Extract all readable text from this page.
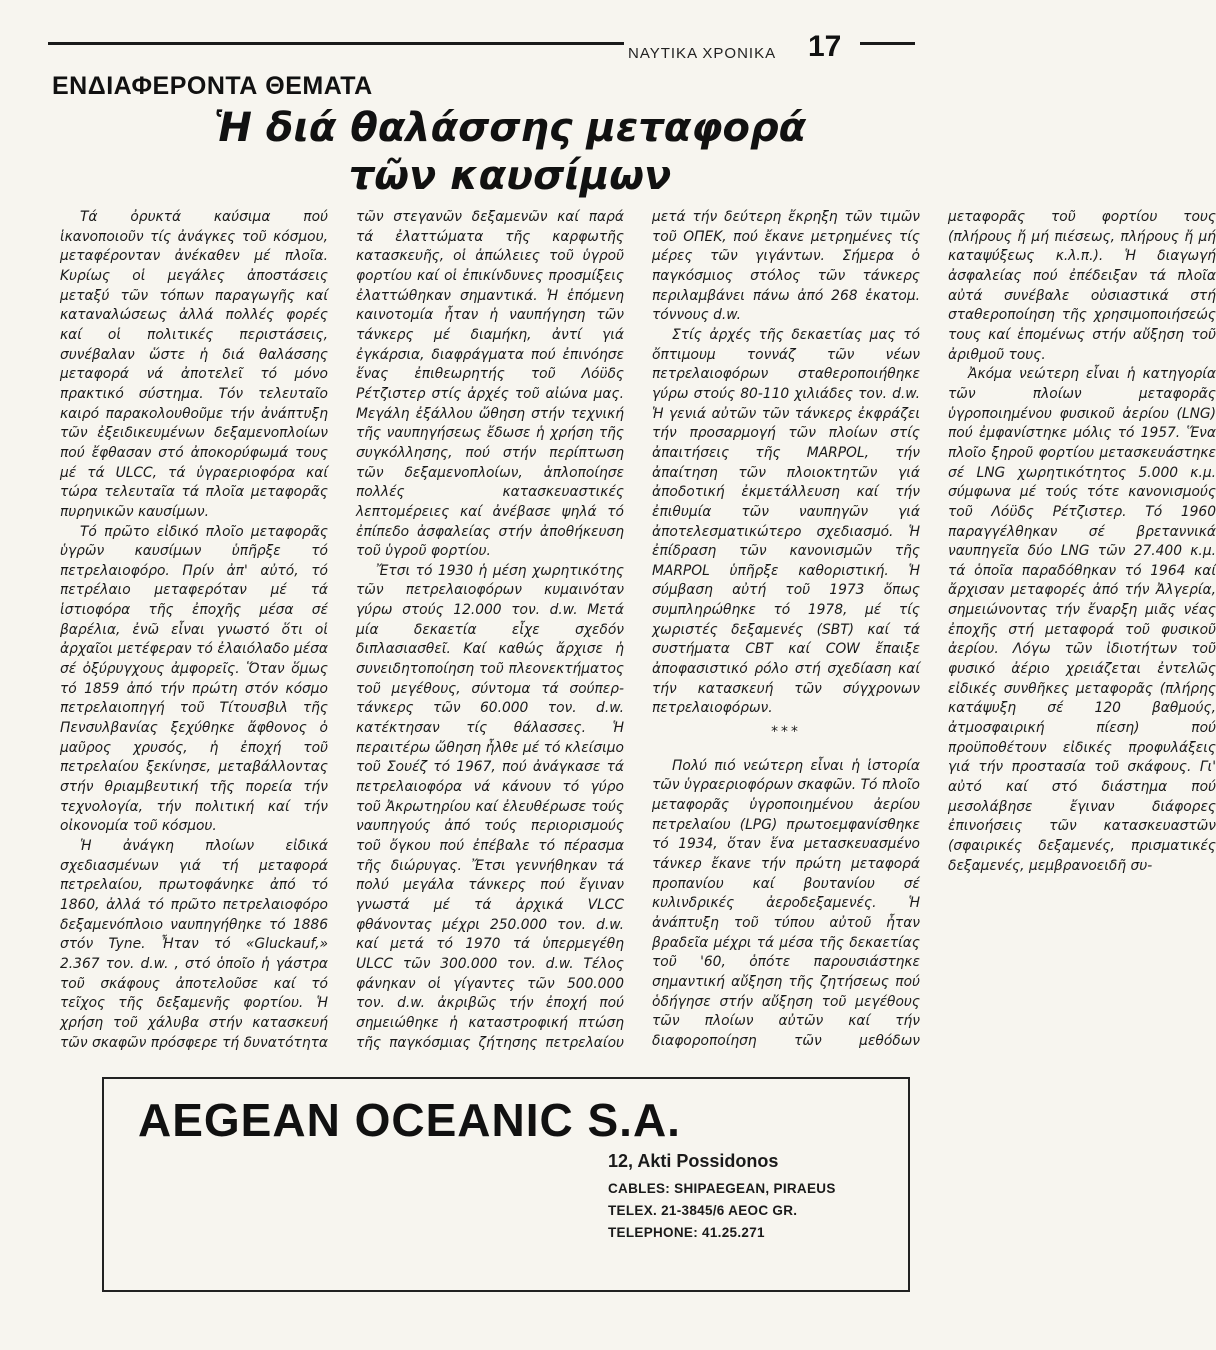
ΝΑΥΤΙΚΑ ΧΡΟΝΙΚΑ 17
ΕΝΔΙΑΦΕΡΟΝΤΑ ΘΕΜΑΤΑ
Ἡ διά θαλάσσης μεταφορά
τῶν καυσίμων

Τά ὀρυκτά καύσιμα πού ἱκανοποιοῦν τίς ἀνάγκες τοῦ κόσμου, μεταφέρονταν ἀνέκαθεν μέ πλοῖα. Κυρίως οἱ μεγάλες ἀποστάσεις μεταξύ τῶν τόπων παραγωγῆς καί καταναλώσεως ἀλλά πολλές φορές καί οἱ πολιτικές περιστάσεις, συνέβαλαν ὥστε ἡ διά θαλάσσης μεταφορά νά ἀποτελεῖ τό μόνο πρακτικό σύστημα. Τόν τελευταῖο καιρό παρακολουθοῦμε τήν ἀνάπτυξη τῶν ἐξειδικευμένων δεξαμενοπλοίων πού ἔφθασαν στό ἀποκορύφωμά τους μέ τά ULCC, τά ὑγραεριοφόρα καί τώρα τελευταῖα τά πλοῖα μεταφορᾶς πυρηνικῶν καυσίμων.

Τό πρῶτο εἰδικό πλοῖο μεταφορᾶς ὑγρῶν καυσίμων ὑπῆρξε τό πετρελαιοφόρο. Πρίν ἀπ' αὐτό, τό πετρέλαιο μεταφερόταν μέ τά ἱστιοφόρα τῆς ἐποχῆς μέσα σέ βαρέλια, ἐνῶ εἶναι γνωστό ὅτι οἱ ἀρχαῖοι μετέφεραν τό ἐλαιόλαδο μέσα σέ ὀξύρυγχους ἀμφορεῖς. Ὅταν ὅμως τό 1859 ἀπό τήν πρώτη στόν κόσμο πετρελαιοπηγή τοῦ Τίτουσβιλ τῆς Πενσυλβανίας ξεχύθηκε ἄφθονος ὁ μαῦρος χρυσός, ἡ ἐποχή τοῦ πετρελαίου ξεκίνησε, μεταβάλλοντας στήν θριαμβευτική τῆς πορεία τήν τεχνολογία, τήν πολιτική καί τήν οἰκονομία τοῦ κόσμου.

Ἡ ἀνάγκη πλοίων εἰδικά σχεδιασμένων γιά τή μεταφορά πετρελαίου, πρωτοφάνηκε ἀπό τό 1860, ἀλλά τό πρῶτο πετρελαιοφόρο δεξαμενόπλοιο ναυπηγήθηκε τό 1886 στόν Tyne. Ἦταν τό «Gluckauf,» 2.367 τον. d.w. , στό ὁποῖο ἡ γάστρα τοῦ σκάφους ἀποτελοῦσε καί τό τεῖχος τῆς δεξαμενῆς φορτίου. Ἡ χρήση τοῦ χάλυβα στήν κατασκευή τῶν σκαφῶν πρόσφερε τή δυνατότητα τῶν στεγανῶν δεξαμενῶν καί παρά τά ἐλαττώματα τῆς καρφωτῆς κατασκευῆς, οἱ ἀπώλειες τοῦ ὑγροῦ φορτίου καί οἱ ἐπικίνδυνες προσμίξεις ἐλαττώθηκαν σημαντικά. Ἡ ἑπόμενη καινοτομία ἦταν ἡ ναυπήγηση τῶν τάνκερς μέ διαμήκη, ἀντί γιά ἐγκάρσια, διαφράγματα πού ἐπινόησε ἕνας ἐπιθεωρητής τοῦ Λόϋδς Ρέτζιστερ στίς ἀρχές τοῦ αἰώνα μας. Μεγάλη ἐξάλλου ὤθηση στήν τεχνική τῆς ναυπηγήσεως ἔδωσε ἡ χρήση τῆς συγκόλλησης, πού στήν περίπτωση τῶν δεξαμενοπλοίων, ἁπλοποίησε πολλές κατασκευαστικές λεπτομέρειες καί ἀνέβασε ψηλά τό ἐπίπεδο ἀσφαλείας στήν ἀποθήκευση τοῦ ὑγροῦ φορτίου.

Ἔτσι τό 1930 ἡ μέση χωρητικότης τῶν πετρελαιοφόρων κυμαινόταν γύρω στούς 12.000 τον. d.w. Μετά μία δεκαετία εἶχε σχεδόν διπλασιασθεῖ. Καί καθώς ἄρχισε ἡ συνειδητοποίηση τοῦ πλεονεκτήματος τοῦ μεγέθους, σύντομα τά σούπερ-τάνκερς τῶν 60.000 τον. d.w. κατέκτησαν τίς θάλασσες. Ἡ περαιτέρω ὤθηση ἦλθε μέ τό κλείσιμο τοῦ Σουέζ τό 1967, πού ἀνάγκασε τά πετρελαιοφόρα νά κάνουν τό γύρο τοῦ Ἀκρωτηρίου καί ἐλευθέρωσε τούς ναυπηγούς ἀπό τούς περιορισμούς τοῦ ὄγκου πού ἐπέβαλε τό πέρασμα τῆς διώρυγας. Ἔτσι γεννήθηκαν τά πολύ μεγάλα τάνκερς πού ἔγιναν γνωστά μέ τά ἀρχικά VLCC φθάνοντας μέχρι 250.000 τον. d.w. καί μετά τό 1970 τά ὑπερμεγέθη ULCC τῶν 300.000 τον. d.w. Τέλος φάνηκαν οἱ γίγαντες τῶν 500.000 τον. d.w. ἀκριβῶς τήν ἐποχή πού σημειώθηκε ἡ καταστροφική πτώση τῆς παγκόσμιας ζήτησης πετρελαίου μετά τήν δεύτερη ἔκρηξη τῶν τιμῶν τοῦ ΟΠΕΚ, πού ἔκανε μετρημένες τίς μέρες τῶν γιγάντων. Σήμερα ὁ παγκόσμιος στόλος τῶν τάνκερς περιλαμβάνει πάνω ἀπό 268 ἑκατομ. τόννους d.w.

Στίς ἀρχές τῆς δεκαετίας μας τό ὄπτιμουμ τοννάζ τῶν νέων πετρελαιοφόρων σταθεροποιήθηκε γύρω στούς 80-110 χιλιάδες τον. d.w. Ἡ γενιά αὐτῶν τῶν τάνκερς ἐκφράζει τήν προσαρμογή τῶν πλοίων στίς ἀπαιτήσεις τῆς MARPOL, τήν ἀπαίτηση τῶν πλοιοκτητῶν γιά ἀποδοτική ἐκμετάλλευση καί τήν ἐπιθυμία τῶν ναυπηγῶν γιά ἀποτελεσματικώτερο σχεδιασμό. Ἡ ἐπίδραση τῶν κανονισμῶν τῆς MARPOL ὑπῆρξε καθοριστική. Ἡ σύμβαση αὐτή τοῦ 1973 ὅπως συμπληρώθηκε τό 1978, μέ τίς χωριστές δεξαμενές (SBT) καί τά συστήματα CBT καί COW ἔπαιξε ἀποφασιστικό ρόλο στή σχεδίαση καί τήν κατασκευή τῶν σύγχρονων πετρελαιοφόρων.

***

Πολύ πιό νεώτερη εἶναι ἡ ἱστορία τῶν ὑγραεριοφόρων σκαφῶν. Τό πλοῖο μεταφορᾶς ὑγροποιημένου ἀερίου πετρελαίου (LPG) πρωτοεμφανίσθηκε τό 1934, ὅταν ἕνα μετασκευασμένο τάνκερ ἔκανε τήν πρώτη μεταφορά προπανίου καί βουτανίου σέ κυλινδρικές ἀεροδεξαμενές. Ἡ ἀνάπτυξη τοῦ τύπου αὐτοῦ ἦταν βραδεῖα μέχρι τά μέσα τῆς δεκαετίας τοῦ '60, ὁπότε παρουσιάστηκε σημαντική αὔξηση τῆς ζητήσεως πού ὁδήγησε στήν αὔξηση τοῦ μεγέθους τῶν πλοίων αὐτῶν καί τήν διαφοροποίηση τῶν μεθόδων μεταφορᾶς τοῦ φορτίου τους (πλήρους ἤ μή πιέσεως, πλήρους ἤ μή καταψύξεως κ.λ.π.). Ἡ διαγωγή ἀσφαλείας πού ἐπέδειξαν τά πλοῖα αὐτά συνέβαλε οὐσιαστικά στή σταθεροποίηση τῆς χρησιμοποιήσεώς τους καί ἑπομένως στήν αὔξηση τοῦ ἀριθμοῦ τους.

Ἀκόμα νεώτερη εἶναι ἡ κατηγορία τῶν πλοίων μεταφορᾶς ὑγροποιημένου φυσικοῦ ἀερίου (LNG) πού ἐμφανίστηκε μόλις τό 1957. Ἕνα πλοῖο ξηροῦ φορτίου μετασκευάστηκε σέ LNG χωρητικότητος 5.000 κ.μ. σύμφωνα μέ τούς τότε κανονισμούς τοῦ Λόϋδς Ρέτζιστερ. Τό 1960 παραγγέλθηκαν σέ βρεταννικά ναυπηγεῖα δύο LNG τῶν 27.400 κ.μ. τά ὁποῖα παραδόθηκαν τό 1964 καί ἄρχισαν μεταφορές ἀπό τήν Ἀλγερία, σημειώνοντας τήν ἔναρξη μιᾶς νέας ἐποχῆς στή μεταφορά τοῦ φυσικοῦ ἀερίου. Λόγω τῶν ἰδιοτήτων τοῦ φυσικό ἀέριο χρειάζεται ἐντελῶς εἰδικές συνθῆκες μεταφορᾶς (πλήρης κατάψυξη σέ 120 βαθμούς, ἀτμοσφαιρική πίεση) πού προϋποθέτουν εἰδικές προφυλάξεις γιά τήν προστασία τοῦ σκάφους. Γι' αὐτό καί στό διάστημα πού μεσολάβησε ἔγιναν διάφορες ἐπινοήσεις τῶν κατασκευαστῶν (σφαιρικές δεξαμενές, πρισματικές δεξαμενές, μεμβρανοειδῆ συ-

AEGEAN OCEANIC S.A.
12, Akti Possidonos
CABLES: SHIPAEGEAN, PIRAEUS
TELEX. 21-3845/6 AEOC GR.
TELEPHONE: 41.25.271
